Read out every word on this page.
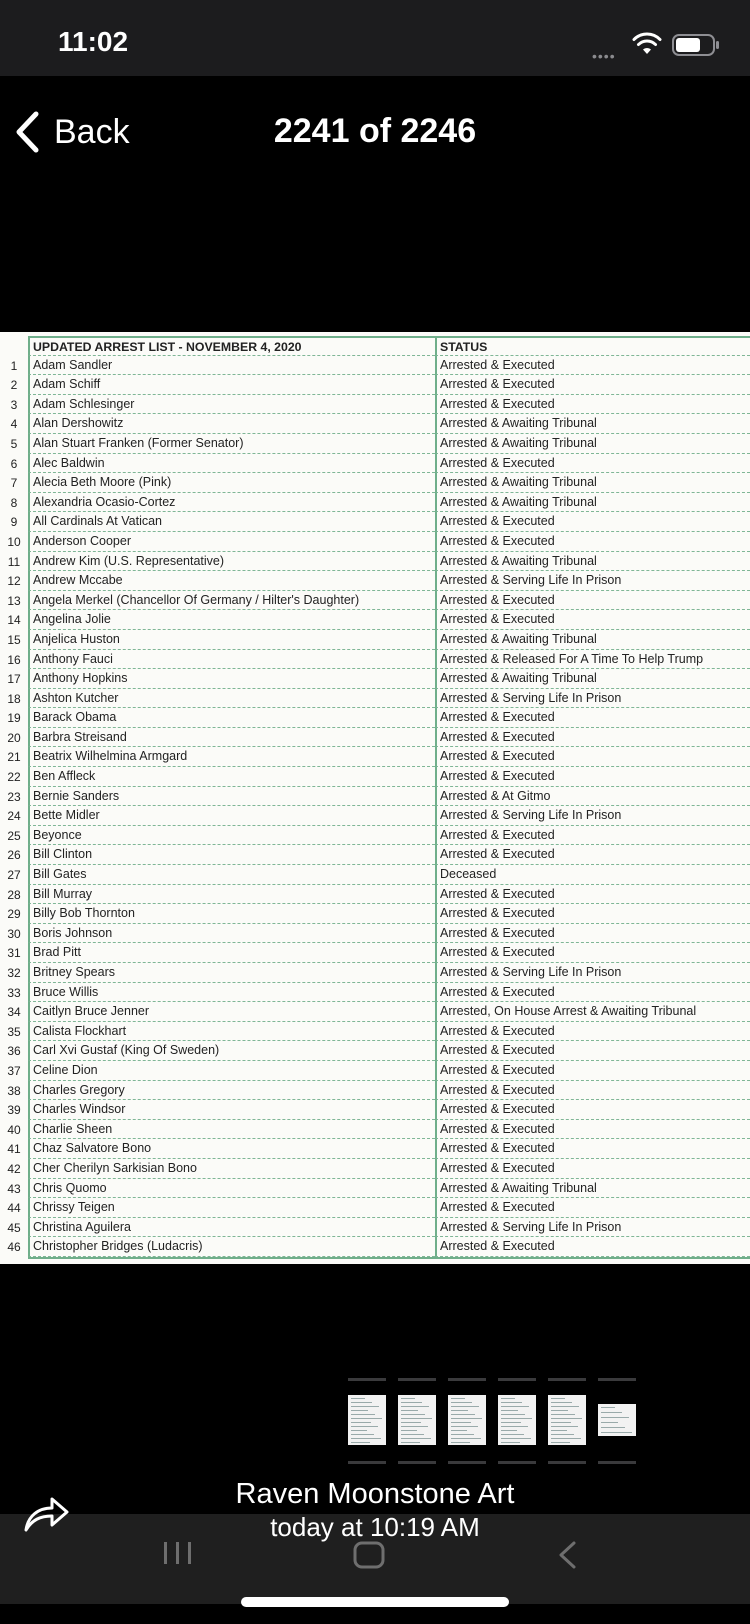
11:02	••••
Back	2241 of 2246
UPDATED ARREST LIST - NOVEMBER 4, 2020	STATUS
1	Adam Sandler	Arrested & Executed
2	Adam Schiff	Arrested & Executed
3	Adam Schlesinger	Arrested & Executed
4	Alan Dershowitz	Arrested & Awaiting Tribunal
5	Alan Stuart Franken (Former Senator)	Arrested & Awaiting Tribunal
6	Alec Baldwin	Arrested & Executed
7	Alecia Beth Moore (Pink)	Arrested & Awaiting Tribunal
8	Alexandria Ocasio-Cortez	Arrested & Awaiting Tribunal
9	All Cardinals At Vatican	Arrested & Executed
10 Anderson Cooper	Arrested & Executed
11	Andrew Kim (U.S. Representative)	Arrested & Awaiting Tribunal
12 Andrew Mccabe	Arrested & Serving Life In Prison
13 Angela Merkel (Chancellor Of Germany / Hilter's Daughter)	Arrested & Executed
14 Angelina Jolie	Arrested & Executed
15 Anjelica Huston	Arrested & Awaiting Tribunal
16 Anthony Fauci	Arrested & Released For A Time To Help Trump
17 Anthony Hopkins	Arrested & Awaiting Tribunal
18 Ashton Kutcher	Arrested & Serving Life In Prison
19 Barack Obama	Arrested & Executed
20 Barbra Streisand	Arrested & Executed
21 Beatrix Wilhelmina Armgard	Arrested & Executed
22 Ben Affleck	Arrested & Executed
23 Bernie Sanders	Arrested & At Gitmo
24 Bette Midler	Arrested & Serving Life In Prison
25 Beyonce	Arrested & Executed
26 Bill Clinton	Arrested & Executed
27 Bill Gates	Deceased
28 Bill Murray	Arrested & Executed
29 Billy Bob Thornton	Arrested & Executed
30 Boris Johnson	Arrested & Executed
31 Brad Pitt	Arrested & Executed
32 Britney Spears	Arrested & Serving Life In Prison
33 Bruce Willis	Arrested & Executed
34 Caitlyn Bruce Jenner	Arrested, On House Arrest & Awaiting Tribunal
35 Calista Flockhart	Arrested & Executed
36 Carl Xvi Gustaf (King Of Sweden)	Arrested & Executed
37 Celine Dion	Arrested & Executed
38 Charles Gregory	Arrested & Executed
39 Charles Windsor	Arrested & Executed
40 Charlie Sheen	Arrested & Executed
41 Chaz Salvatore Bono	Arrested & Executed
42 Cher Cherilyn Sarkisian Bono	Arrested & Executed
43 Chris Quomo	Arrested & Awaiting Tribunal
44 Chrissy Teigen	Arrested & Executed
45 Christina Aguilera	Arrested & Serving Life In Prison
46 Christopher Bridges (Ludacris)	Arrested & Executed
Raven Moonstone Art
today at 10:19 AM
